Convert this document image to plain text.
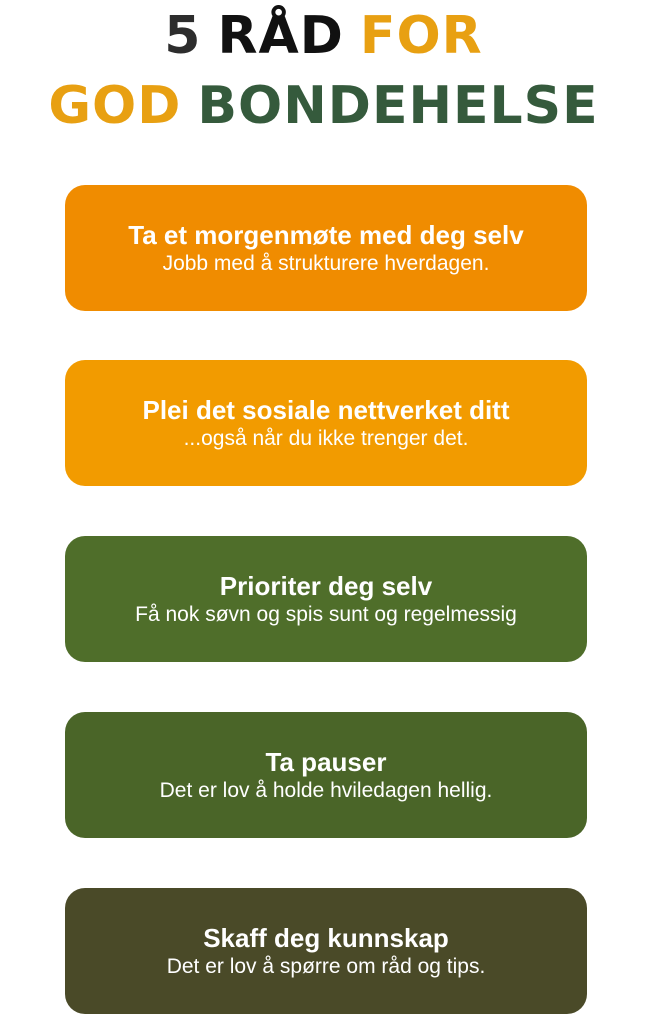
5 RÅD FOR
GOD BONDEHELSE
Ta et morgenmøte med deg selv
Jobb med å strukturere hverdagen.
Plei det sosiale nettverket ditt
...også når du ikke trenger det.
Prioriter deg selv
Få nok søvn og spis sunt og regelmessig
Ta pauser
Det er lov å holde hviledagen hellig.
Skaff deg kunnskap
Det er lov å spørre om råd og tips.
